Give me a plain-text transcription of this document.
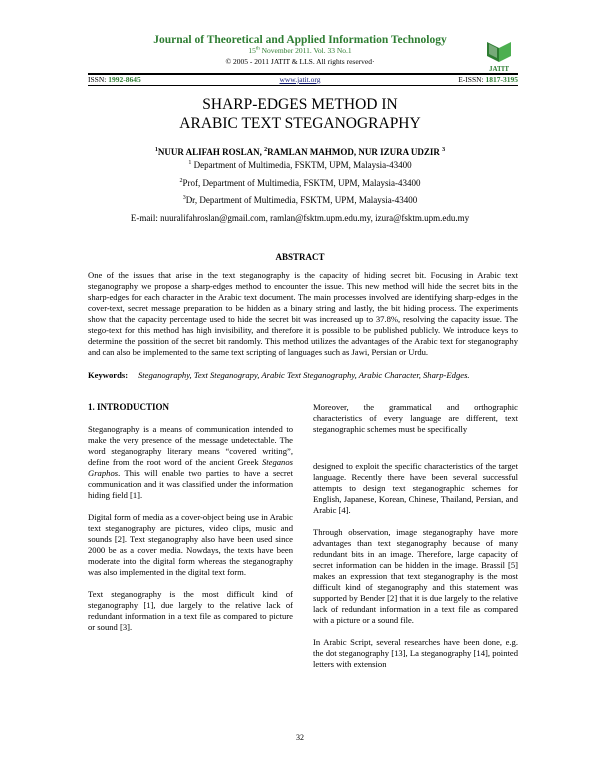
Journal of Theoretical and Applied Information Technology
15th November 2011. Vol. 33 No.1
© 2005 - 2011 JATIT & LLS. All rights reserved·
JATIT
ISSN: 1992-8645	www.jatit.org	E-ISSN: 1817-3195
SHARP-EDGES METHOD IN
ARABIC TEXT STEGANOGRAPHY
$^1$NUUR ALIFAH ROSLAN, $^2$RAMLAN MAHMOD, NUR IZURA UDZIR $^3$
$^1$ Department of Multimedia, FSKTM, UPM, Malaysia-43400
$^2$Prof, Department of Multimedia, FSKTM, UPM, Malaysia-43400
$^3$Dr, Department of Multimedia, FSKTM, UPM, Malaysia-43400
E-mail: nuuralifahroslan@gmail.com, ramlan@fsktm.upm.edu.my, izura@fsktm.upm.edu.my
ABSTRACT
One of the issues that arise in the text steganography is the capacity of hiding secret bit. Focusing in Arabic text steganography we propose a sharp-edges method to encounter the issue. This new method will hide the secret bits in the sharp-edges for each character in the Arabic text document. The main processes involved are identifying sharp-edges in the cover-text, secret message preparation to be hidden as a binary string and lastly, the bit hiding process. The experiments show that the capacity percentage used to hide the secret bit was increased up to 37.8%, resolving the capacity issue. The stego-text for this method has high invisibility, and therefore it is possible to be published publicly. We introduce keys to determine the possition of the secret bit randomly. This method utilizes the advantages of the Arabic text for steganography and can also be implemented to the same text scripting of languages such as Jawi, Persian or Urdu.
Keywords: Steganography, Text Steganograpy, Arabic Text Steganography, Arabic Character, Sharp-Edges.

1. INTRODUCTION

Steganography is a means of communication intended to make the very presence of the message undetectable. The word steganography literary means “covered writing”, define from the root word of the ancient Greek Steganos Graphos. This will enable two parties to have a secret communication and it was classified under the information hiding field [1].

Digital form of media as a cover-object being use in Arabic text steganography are pictures, video clips, music and sounds [2]. Text steganography also have been used since 2000 be as a cover media. Nowdays, the texts have been moderate into the digital form whereas the steganography was also implemented in the digital text form.

Text steganography is the most difficult kind of steganography [1], due largely to the relative lack of redundant information in a text file as compared to picture or sound [3].

Moreover, the grammatical and orthographic characteristics of every language are different, text steganographic schemes must be specifically

designed to exploit the specific characteristics of the target language. Recently there have been several successful attempts to design text steganographic schemes for English, Japanese, Korean, Chinese, Thailand, Persian, and Arabic [4].

Through observation, image steganography have more advantages than text steganography because of many redundant bits in an image. Therefore, large capacity of secret information can be hidden in the image. Brassil [5] makes an expression that text steganography is the most difficult kind of steganography and this statement was supported by Bender [2] that it is due largely to the relative lack of redundant information in a text file as compared with a picture or a sound file.

In Arabic Script, several researches have been done, e.g. the dot steganography [13], La steganography [14], pointed letters with extension

32
